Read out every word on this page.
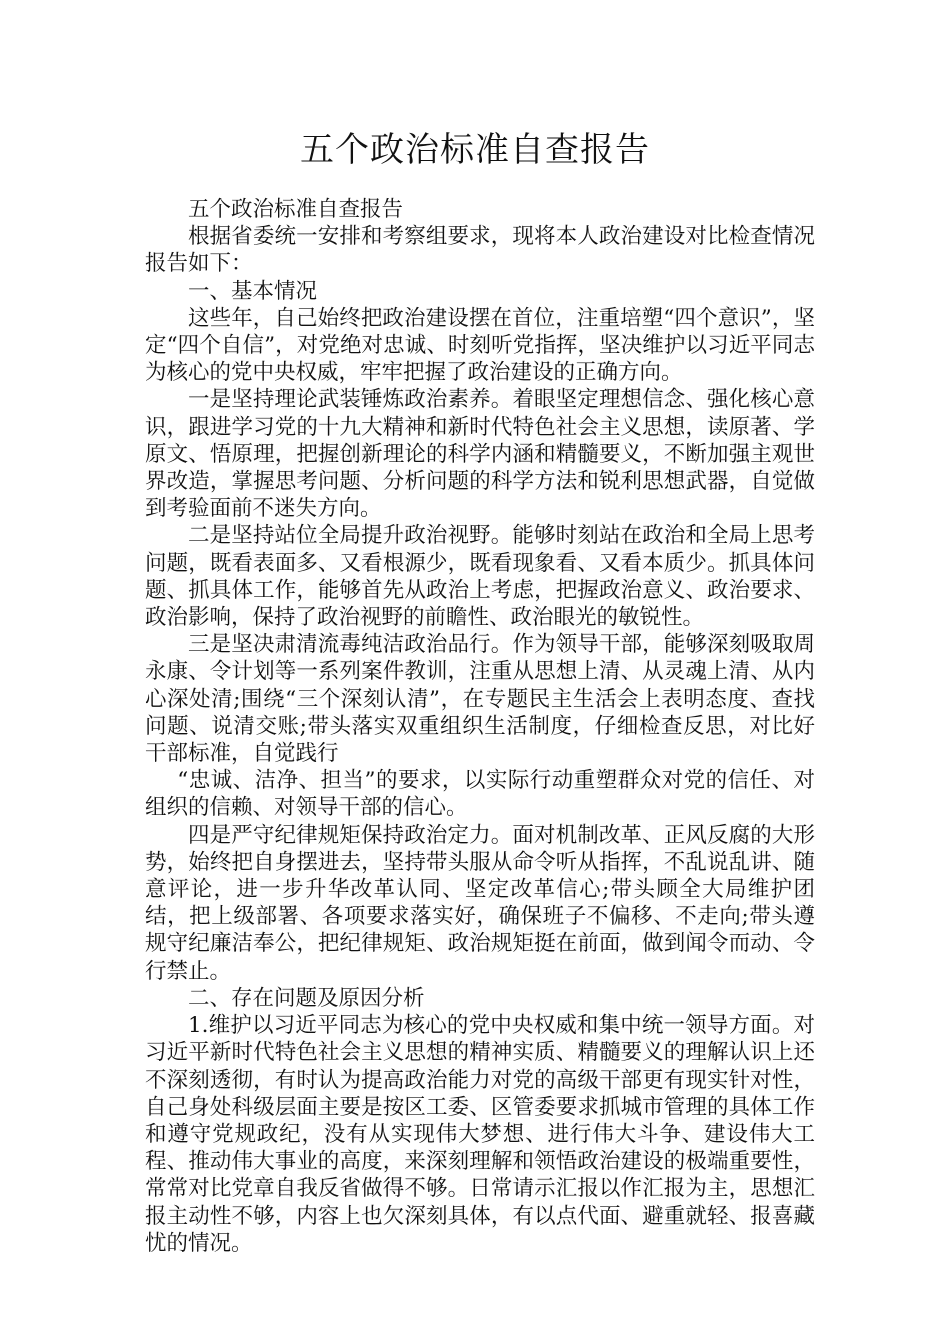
五个政治标准自查报告

五个政治标准自查报告

根据省委统一安排和考察组要求，现将本人政治建设对比检查情况报告如下：

一、基本情况

这些年，自己始终把政治建设摆在首位，注重培塑“四个意识”，坚定“四个自信”，对党绝对忠诚、时刻听党指挥，坚决维护以习近平同志为核心的党中央权威，牢牢把握了政治建设的正确方向。

一是坚持理论武装锤炼政治素养。着眼坚定理想信念、强化核心意识，跟进学习党的十九大精神和新时代特色社会主义思想，读原著、学原文、悟原理，把握创新理论的科学内涵和精髓要义，不断加强主观世界改造，掌握思考问题、分析问题的科学方法和锐利思想武器，自觉做到考验面前不迷失方向。

二是坚持站位全局提升政治视野。能够时刻站在政治和全局上思考问题，既看表面多、又看根源少，既看现象看、又看本质少。抓具体问题、抓具体工作，能够首先从政治上考虑，把握政治意义、政治要求、政治影响，保持了政治视野的前瞻性、政治眼光的敏锐性。

三是坚决肃清流毒纯洁政治品行。作为领导干部，能够深刻吸取周永康、令计划等一系列案件教训，注重从思想上清、从灵魂上清、从内心深处清;围绕“三个深刻认清”，在专题民主生活会上表明态度、查找问题、说清交账;带头落实双重组织生活制度，仔细检查反思，对比好干部标准，自觉践行

“忠诚、洁净、担当”的要求，以实际行动重塑群众对党的信任、对组织的信赖、对领导干部的信心。

四是严守纪律规矩保持政治定力。面对机制改革、正风反腐的大形势，始终把自身摆进去，坚持带头服从命令听从指挥，不乱说乱讲、随意评论，进一步升华改革认同、坚定改革信心;带头顾全大局维护团结，把上级部署、各项要求落实好，确保班子不偏移、不走向;带头遵规守纪廉洁奉公，把纪律规矩、政治规矩挺在前面，做到闻令而动、令行禁止。

二、存在问题及原因分析

1.维护以习近平同志为核心的党中央权威和集中统一领导方面。对习近平新时代特色社会主义思想的精神实质、精髓要义的理解认识上还不深刻透彻，有时认为提高政治能力对党的高级干部更有现实针对性，自己身处科级层面主要是按区工委、区管委要求抓城市管理的具体工作和遵守党规政纪，没有从实现伟大梦想、进行伟大斗争、建设伟大工程、推动伟大事业的高度，来深刻理解和领悟政治建设的极端重要性，常常对比党章自我反省做得不够。日常请示汇报以作汇报为主，思想汇报主动性不够，内容上也欠深刻具体，有以点代面、避重就轻、报喜藏忧的情况。
